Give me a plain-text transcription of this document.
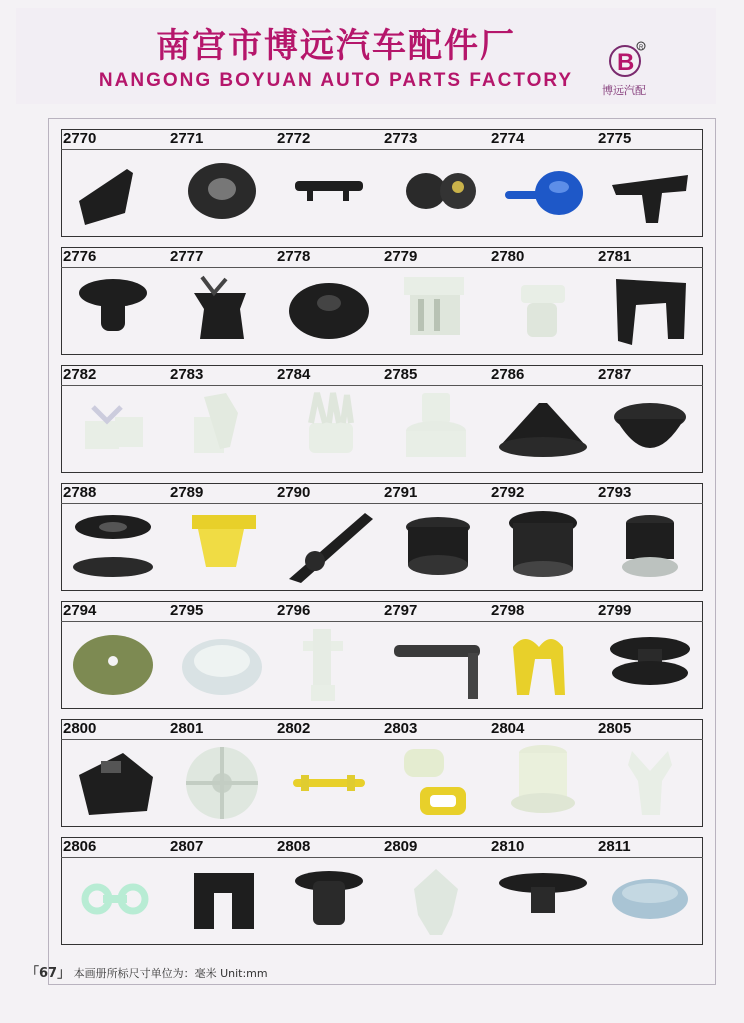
南宫市博远汽车配件厂
NANGONG BOYUAN AUTO PARTS FACTORY
B
R
博远汽配
2770	2771	2772	2773	2774	2775
2776	2777	2778	2779	2780	2781
2782	2783	2784	2785	2786	2787
2788	2789	2790	2791	2792	2793
2794	2795	2796	2797	2798	2799
2800	2801	2802	2803	2804	2805
2806	2807	2808	2809	2810	2811
「67」 本画册所标尺寸单位为：毫米 Unit:mm
